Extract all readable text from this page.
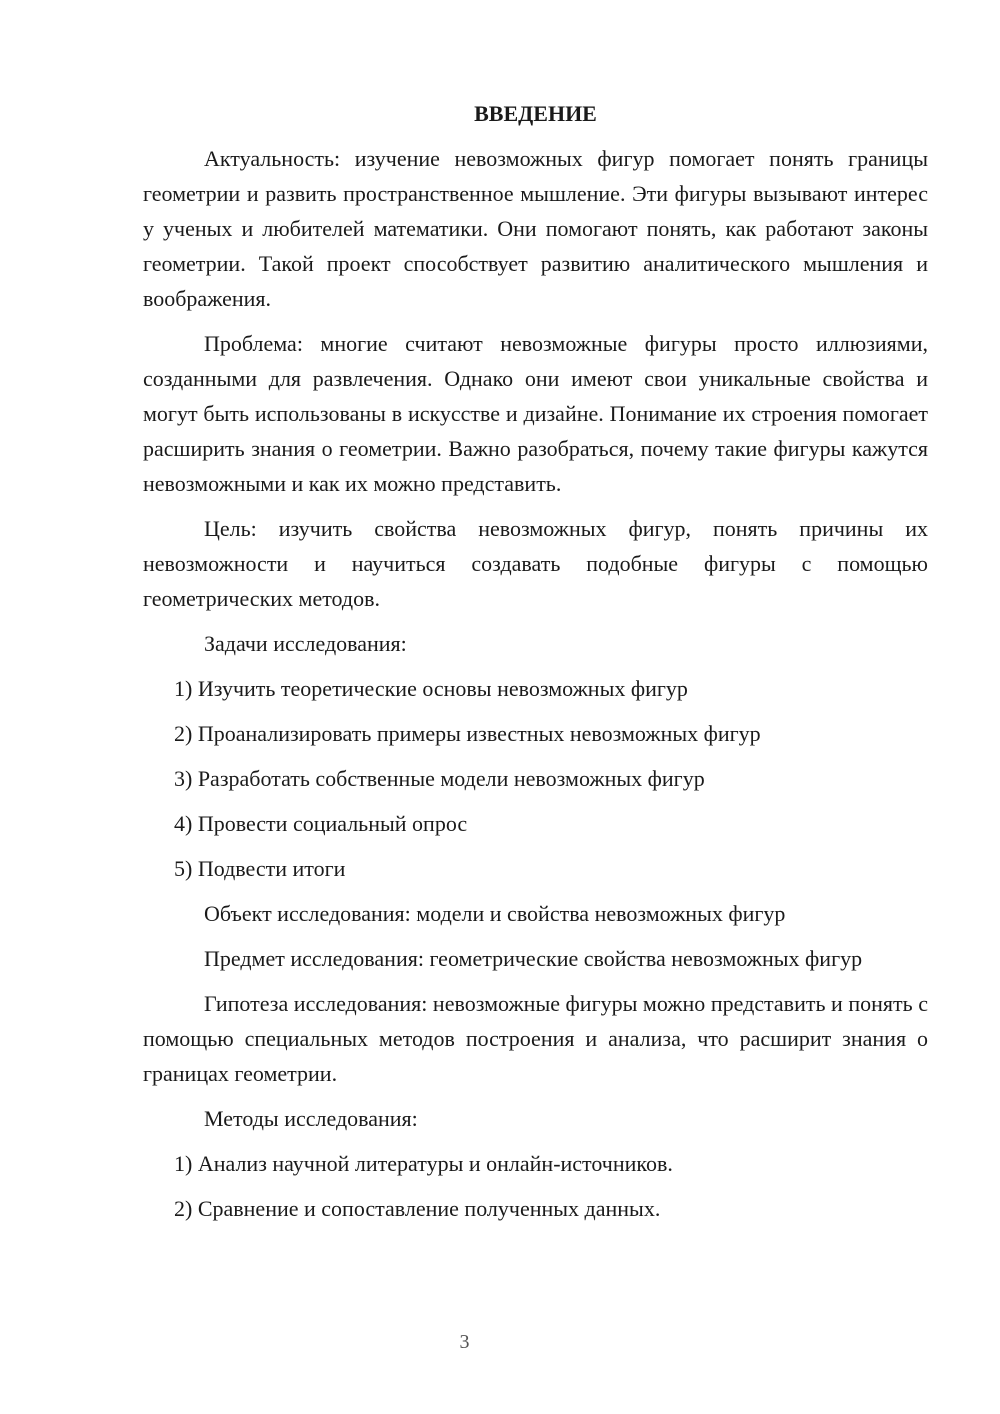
ВВЕДЕНИЕ

Актуальность: изучение невозможных фигур помогает понять границы геометрии и развить пространственное мышление. Эти фигуры вызывают интерес у ученых и любителей математики. Они помогают понять, как работают законы геометрии. Такой проект способствует развитию аналитического мышления и воображения.

Проблема: многие считают невозможные фигуры просто иллюзиями, созданными для развлечения. Однако они имеют свои уникальные свойства и могут быть использованы в искусстве и дизайне. Понимание их строения помогает расширить знания о геометрии. Важно разобраться, почему такие фигуры кажутся невозможными и как их можно представить.

Цель: изучить свойства невозможных фигур, понять причины их невозможности и научиться создавать подобные фигуры с помощью геометрических методов.

Задачи исследования:

1) Изучить теоретические основы невозможных фигур

2) Проанализировать примеры известных невозможных фигур

3) Разработать собственные модели невозможных фигур

4) Провести социальный опрос

5) Подвести итоги

Объект исследования: модели и свойства невозможных фигур

Предмет исследования: геометрические свойства невозможных фигур

Гипотеза исследования: невозможные фигуры можно представить и понять с помощью специальных методов построения и анализа, что расширит знания о границах геометрии.

Методы исследования:

1) Анализ научной литературы и онлайн-источников.

2) Сравнение и сопоставление полученных данных.

3
